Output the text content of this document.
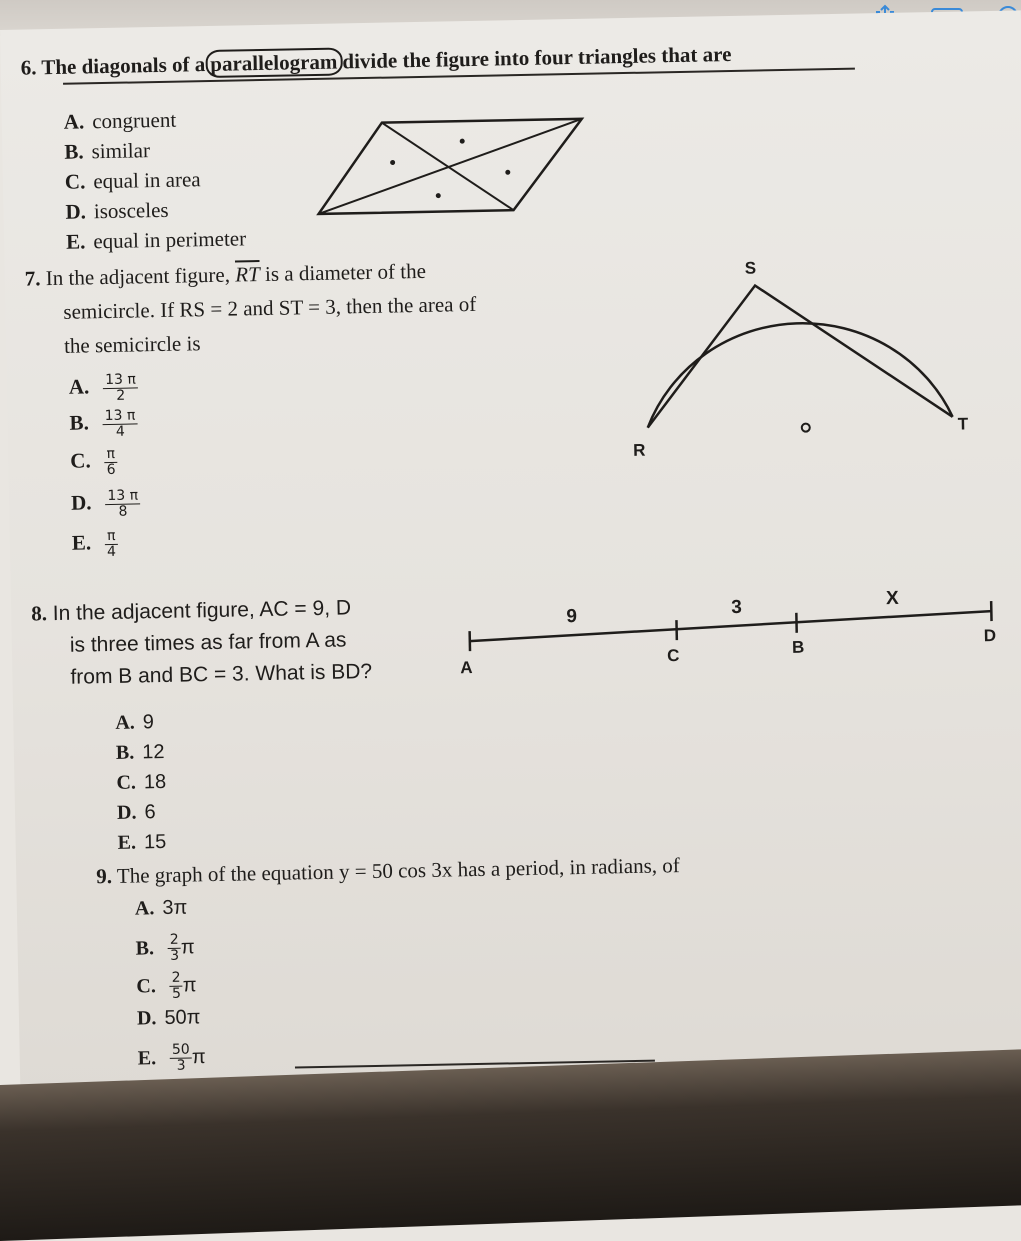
6. The diagonals of a parallelogram divide the figure into four triangles that are
A. congruent
B. similar
C. equal in area
D. isosceles
E. equal in perimeter
7. In the adjacent figure, $\overline{RT}$ is a diameter of the
semicircle. If RS = 2 and ST = 3, then the area of
the semicircle is
A. $\frac{13 \pi}{2}$
B. $\frac{13 \pi}{4}$
C. $\frac{\pi}{6}$
D. $\frac{13 \pi}{8}$
E. $\frac{\pi}{4}$
S
R
T
8. In the adjacent figure, AC = 9, D
is three times as far from A as
from B and BC = 3. What is BD?
9	3	X
A
C	B
D
A. 9
B. 12
C. 18
D. 6
E. 15
9. The graph of the equation y = 50 cos 3x has a period, in radians, of
A. 3π
B. $\frac{2}{3}$ π
C. $\frac{2}{5}$ π
D. 50π
E. $\frac{50}{3}$ π
